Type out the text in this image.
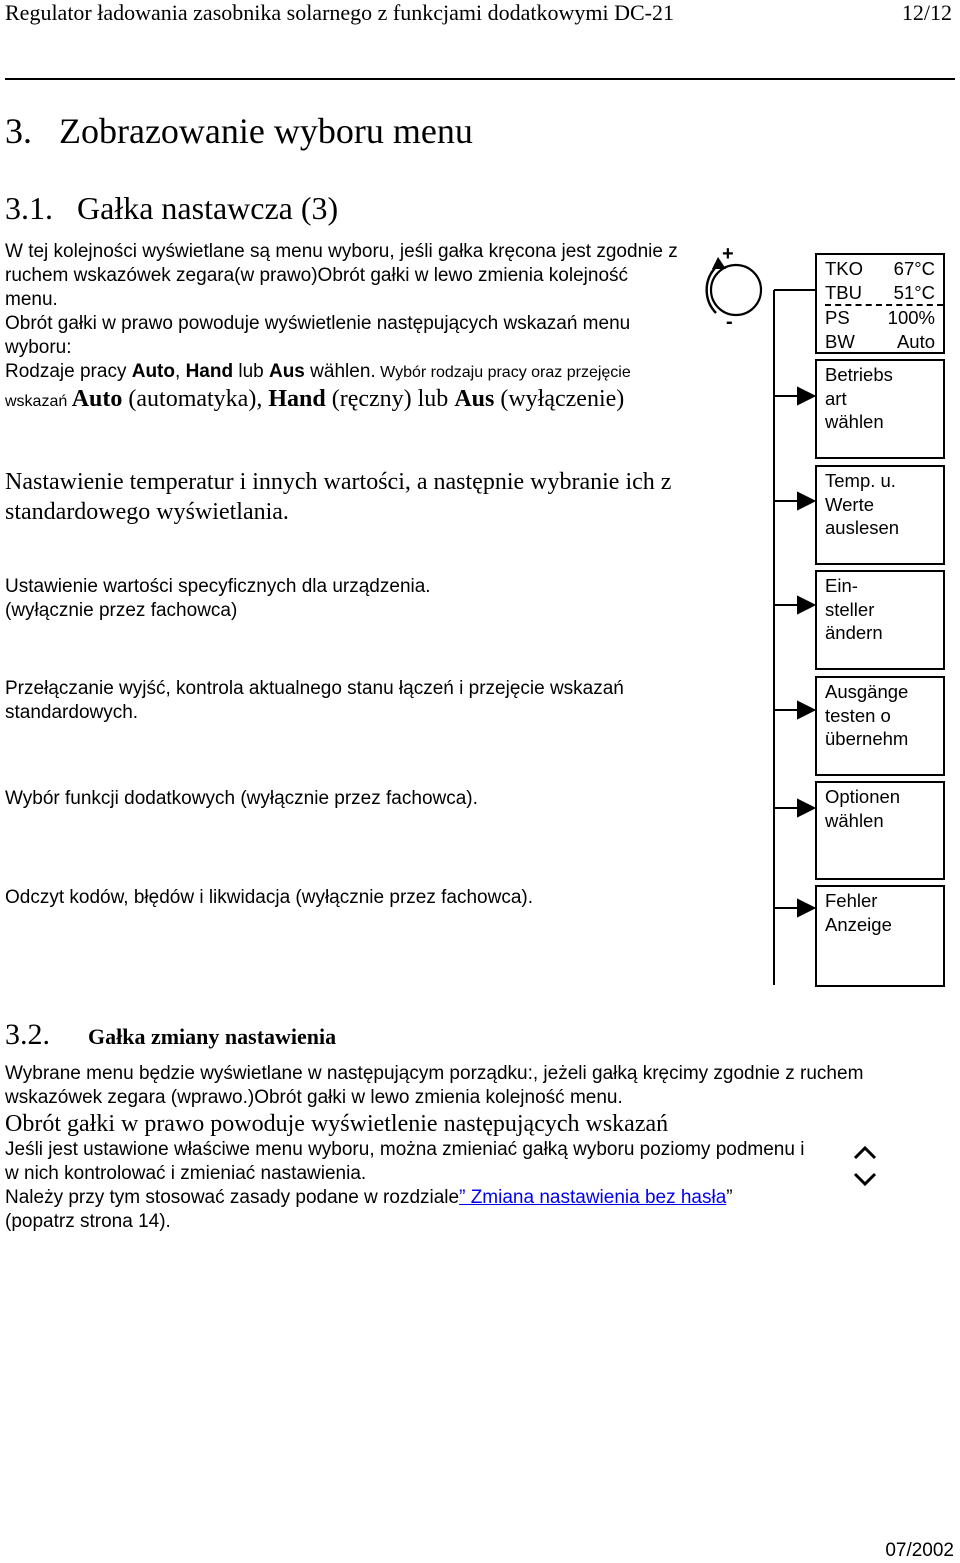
Regulator ładowania zasobnika solarnego z funkcjami dodatkowymi DC-21	12/12
3.   Zobrazowanie wyboru menu
3.1.   Gałka nastawcza (3)
W tej kolejności wyświetlane są menu wyboru, jeśli gałka kręcona jest zgodnie z ruchem wskazówek zegara(w prawo)Obrót gałki w lewo zmienia kolejność menu.
Obrót gałki w prawo powoduje wyświetlenie następujących wskazań menu wyboru:
Rodzaje pracy Auto, Hand lub Aus wählen. Wybór rodzaju pracy oraz przejęcie wskazań Auto (automatyka), Hand (ręczny) lub Aus (wyłączenie)
Nastawienie temperatur i innych wartości, a następnie wybranie ich z standardowego wyświetlania.
Ustawienie wartości specyficznych dla urządzenia.
(wyłącznie przez fachowca)
Przełączanie wyjść, kontrola aktualnego stanu łączeń i przejęcie wskazań standardowych.
Wybór funkcji dodatkowych (wyłącznie przez fachowca).
Odczyt kodów, błędów i likwidacja (wyłącznie przez fachowca).
+
-
TKO 67°C
TBU 51°C
PS 100%
BW Auto
Betriebs
art
wählen
Temp. u.
Werte
auslesen
Ein-
steller
ändern
Ausgänge
testen o
übernehm
Optionen
wählen
Fehler
Anzeige
3.2. Gałka zmiany nastawienia
Wybrane menu będzie wyświetlane w następującym porządku:, jeżeli gałką kręcimy zgodnie z ruchem wskazówek zegara (wprawo.)Obrót gałki w lewo zmienia kolejność menu.
Obrót gałki w prawo powoduje wyświetlenie następujących wskazań
Jeśli jest ustawione właściwe menu wyboru, można zmieniać gałką wyboru poziomy podmenu i w nich kontrolować i zmieniać nastawienia.
Należy przy tym stosować zasady podane w rozdziale” Zmiana nastawienia bez hasła” (popatrz strona 14).
07/2002
